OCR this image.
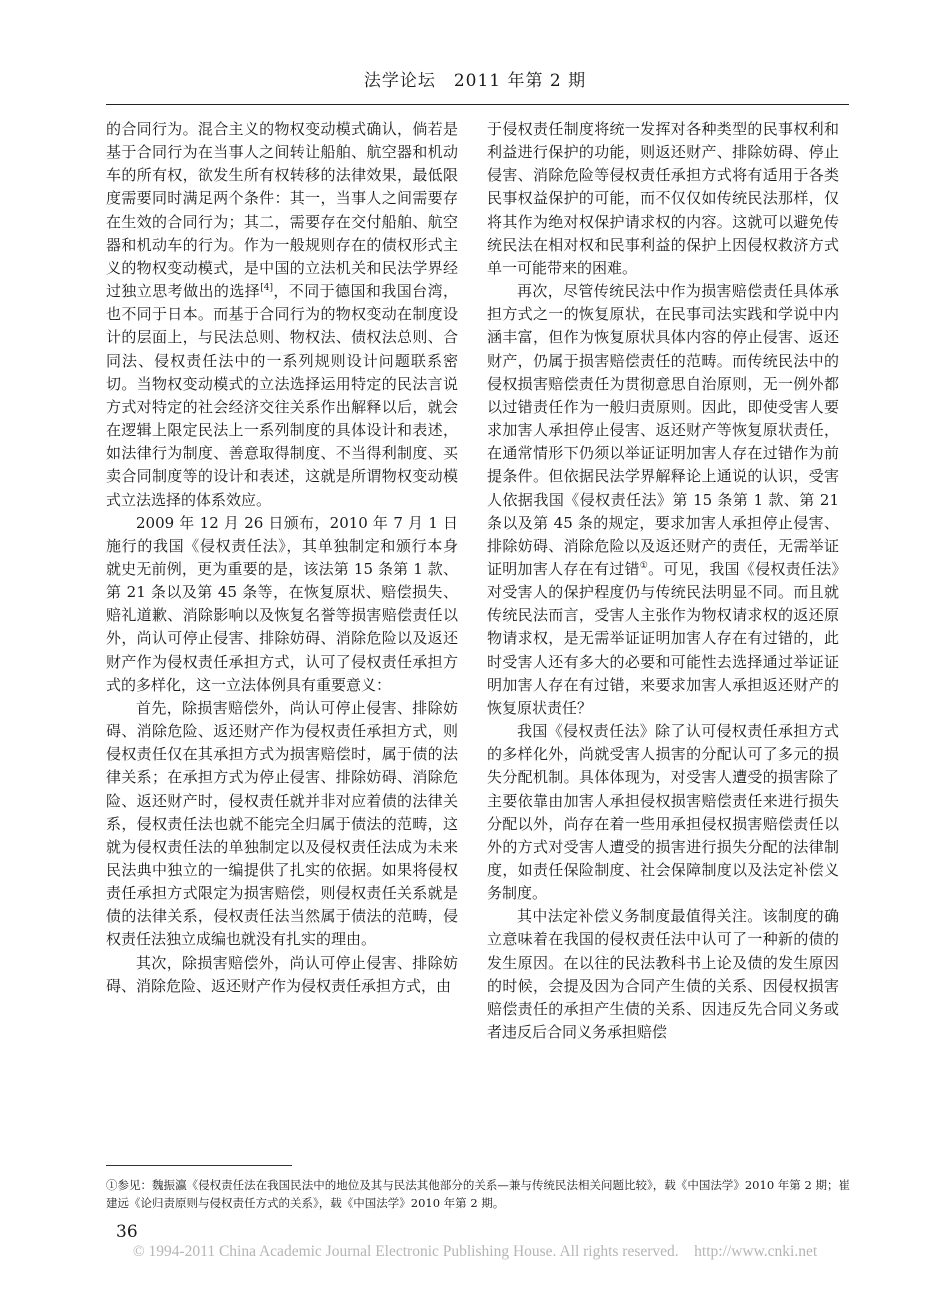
法学论坛　2011 年第 2 期

的合同行为。混合主义的物权变动模式确认，倘若是基于合同行为在当事人之间转让船舶、航空器和机动车的所有权，欲发生所有权转移的法律效果，最低限度需要同时满足两个条件：其一，当事人之间需要存在生效的合同行为；其二，需要存在交付船舶、航空器和机动车的行为。作为一般规则存在的债权形式主义的物权变动模式，是中国的立法机关和民法学界经过独立思考做出的选择[4]，不同于德国和我国台湾，也不同于日本。而基于合同行为的物权变动在制度设计的层面上，与民法总则、物权法、债权法总则、合同法、侵权责任法中的一系列规则设计问题联系密切。当物权变动模式的立法选择运用特定的民法言说方式对特定的社会经济交往关系作出解释以后，就会在逻辑上限定民法上一系列制度的具体设计和表述，如法律行为制度、善意取得制度、不当得利制度、买卖合同制度等的设计和表述，这就是所谓物权变动模式立法选择的体系效应。

2009 年 12 月 26 日颁布，2010 年 7 月 1 日施行的我国《侵权责任法》，其单独制定和颁行本身就史无前例，更为重要的是，该法第 15 条第 1 款、第 21 条以及第 45 条等，在恢复原状、赔偿损失、赔礼道歉、消除影响以及恢复名誉等损害赔偿责任以外，尚认可停止侵害、排除妨碍、消除危险以及返还财产作为侵权责任承担方式，认可了侵权责任承担方式的多样化，这一立法体例具有重要意义：

首先，除损害赔偿外，尚认可停止侵害、排除妨碍、消除危险、返还财产作为侵权责任承担方式，则侵权责任仅在其承担方式为损害赔偿时，属于债的法律关系；在承担方式为停止侵害、排除妨碍、消除危险、返还财产时，侵权责任就并非对应着债的法律关系，侵权责任法也就不能完全归属于债法的范畴，这就为侵权责任法的单独制定以及侵权责任法成为未来民法典中独立的一编提供了扎实的依据。如果将侵权责任承担方式限定为损害赔偿，则侵权责任关系就是债的法律关系，侵权责任法当然属于债法的范畴，侵权责任法独立成编也就没有扎实的理由。

其次，除损害赔偿外，尚认可停止侵害、排除妨碍、消除危险、返还财产作为侵权责任承担方式，由

于侵权责任制度将统一发挥对各种类型的民事权利和利益进行保护的功能，则返还财产、排除妨碍、停止侵害、消除危险等侵权责任承担方式将有适用于各类民事权益保护的可能，而不仅仅如传统民法那样，仅将其作为绝对权保护请求权的内容。这就可以避免传统民法在相对权和民事利益的保护上因侵权救济方式单一可能带来的困难。

再次，尽管传统民法中作为损害赔偿责任具体承担方式之一的恢复原状，在民事司法实践和学说中内涵丰富，但作为恢复原状具体内容的停止侵害、返还财产，仍属于损害赔偿责任的范畴。而传统民法中的侵权损害赔偿责任为贯彻意思自治原则，无一例外都以过错责任作为一般归责原则。因此，即使受害人要求加害人承担停止侵害、返还财产等恢复原状责任，在通常情形下仍须以举证证明加害人存在过错作为前提条件。但依据民法学界解释论上通说的认识，受害人依据我国《侵权责任法》第 15 条第 1 款、第 21 条以及第 45 条的规定，要求加害人承担停止侵害、排除妨碍、消除危险以及返还财产的责任，无需举证证明加害人存在有过错①。可见，我国《侵权责任法》对受害人的保护程度仍与传统民法明显不同。而且就传统民法而言，受害人主张作为物权请求权的返还原物请求权，是无需举证证明加害人存在有过错的，此时受害人还有多大的必要和可能性去选择通过举证证明加害人存在有过错，来要求加害人承担返还财产的恢复原状责任？

我国《侵权责任法》除了认可侵权责任承担方式的多样化外，尚就受害人损害的分配认可了多元的损失分配机制。具体体现为，对受害人遭受的损害除了主要依靠由加害人承担侵权损害赔偿责任来进行损失分配以外，尚存在着一些用承担侵权损害赔偿责任以外的方式对受害人遭受的损害进行损失分配的法律制度，如责任保险制度、社会保障制度以及法定补偿义务制度。

其中法定补偿义务制度最值得关注。该制度的确立意味着在我国的侵权责任法中认可了一种新的债的发生原因。在以往的民法教科书上论及债的发生原因的时候，会提及因为合同产生债的关系、因侵权损害赔偿责任的承担产生债的关系、因违反先合同义务或者违反后合同义务承担赔偿

①参见：魏振瀛《侵权责任法在我国民法中的地位及其与民法其他部分的关系—兼与传统民法相关问题比较》，载《中国法学》2010 年第 2 期；崔建远《论归责原则与侵权责任方式的关系》，载《中国法学》2010 年第 2 期。
36
© 1994-2011 China Academic Journal Electronic Publishing House. All rights reserved.    http://www.cnki.net
